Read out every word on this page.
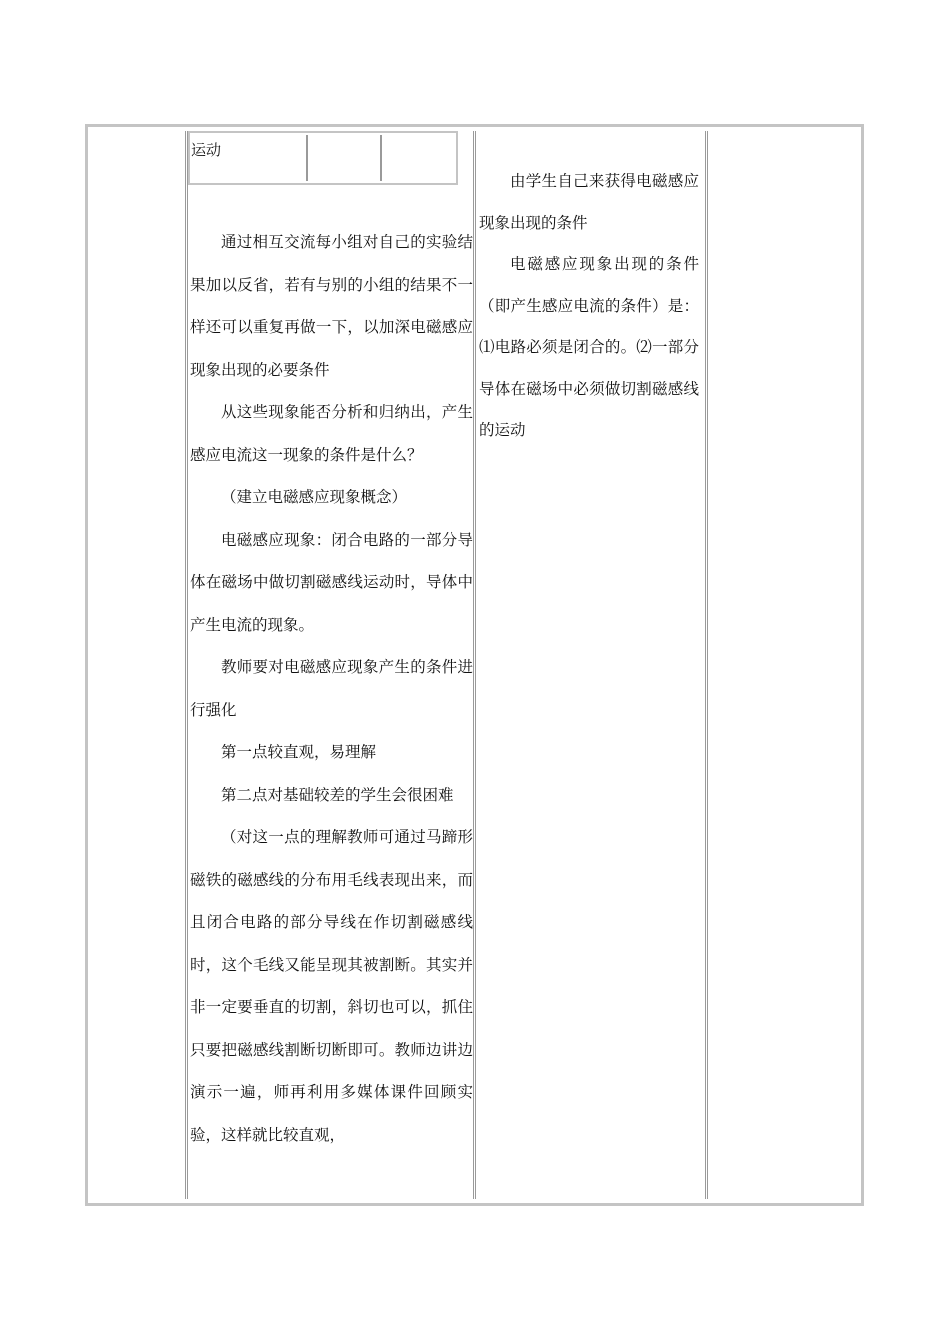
运动

通过相互交流每小组对自己的实验结果加以反省，若有与别的小组的结果不一样还可以重复再做一下，以加深电磁感应现象出现的必要条件

从这些现象能否分析和归纳出，产生感应电流这一现象的条件是什么？

（建立电磁感应现象概念）

电磁感应现象：闭合电路的一部分导体在磁场中做切割磁感线运动时，导体中产生电流的现象。

教师要对电磁感应现象产生的条件进行强化

第一点较直观，易理解

第二点对基础较差的学生会很困难

（对这一点的理解教师可通过马蹄形磁铁的磁感线的分布用毛线表现出来，而且闭合电路的部分导线在作切割磁感线时，这个毛线又能呈现其被割断。其实并非一定要垂直的切割，斜切也可以，抓住只要把磁感线割断切断即可。教师边讲边演示一遍，师再利用多媒体课件回顾实验，这样就比较直观，

由学生自己来获得电磁感应现象出现的条件

电磁感应现象出现的条件（即产生感应电流的条件）是：⑴电路必须是闭合的。⑵一部分导体在磁场中必须做切割磁感线的运动
